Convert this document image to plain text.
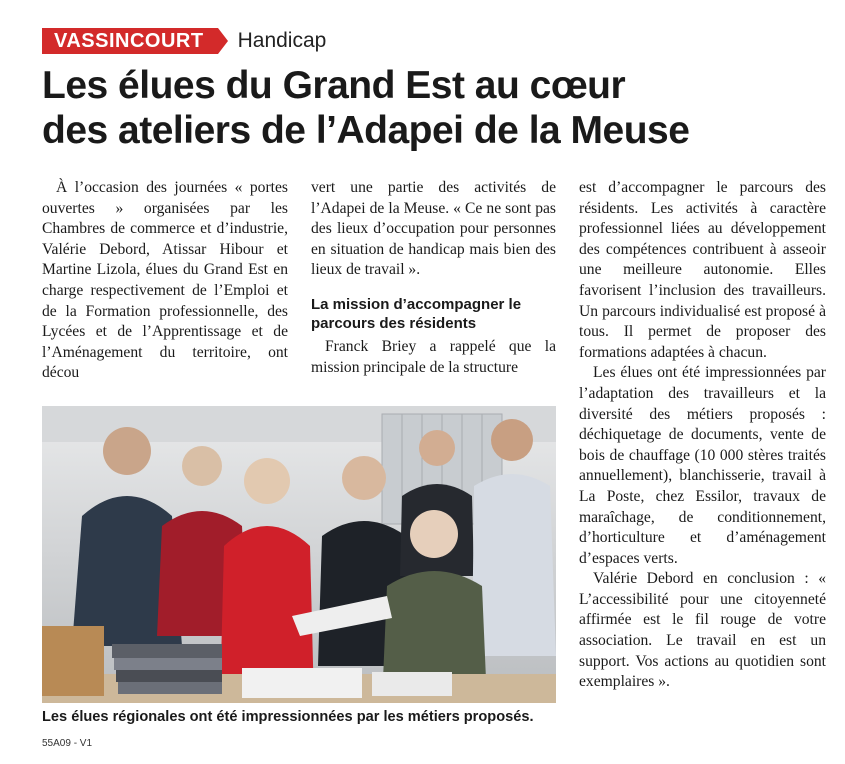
VASSINCOURT	Handicap
Les élues du Grand Est au cœur
des ateliers de l’Adapei de la Meuse

À l’occasion des journées « portes ouvertes » organisées par les Chambres de commerce et d’industrie, Valérie Debord, Atissar Hibour et Martine Lizola, élues du Grand Est en charge respectivement de l’Emploi et de la Formation professionnelle, des Lycées et de l’Apprentissage et de l’Aménagement du territoire, ont décou

vert une partie des activités de l’Adapei de la Meuse. « Ce ne sont pas des lieux d’occupation pour personnes en situation de handicap mais bien des lieux de travail ».

La mission d’accompagner le parcours des résidents

Franck Briey a rappelé que la mission principale de la structure

est d’accompagner le parcours des résidents. Les activités à caractère professionnel liées au développement des compétences contribuent à asseoir une meilleure autonomie. Elles favorisent l’inclusion des travailleurs. Un parcours individualisé est proposé à tous. Il permet de proposer des formations adaptées à chacun.

Les élues ont été impressionnées par l’adaptation des travailleurs et la diversité des métiers proposés : déchiquetage de documents, vente de bois de chauffage (10 000 stères traités annuellement), blanchisserie, travail à La Poste, chez Essilor, travaux de maraîchage, de conditionnement, d’horticulture et d’aménagement d’espaces verts.

Valérie Debord en conclusion : « L’accessibilité pour une citoyenneté affirmée est le fil rouge de votre association. Le travail en est un support. Vos actions au quotidien sont exemplaires ».

Les élues régionales ont été impressionnées par les métiers proposés.
55A09 - V1
